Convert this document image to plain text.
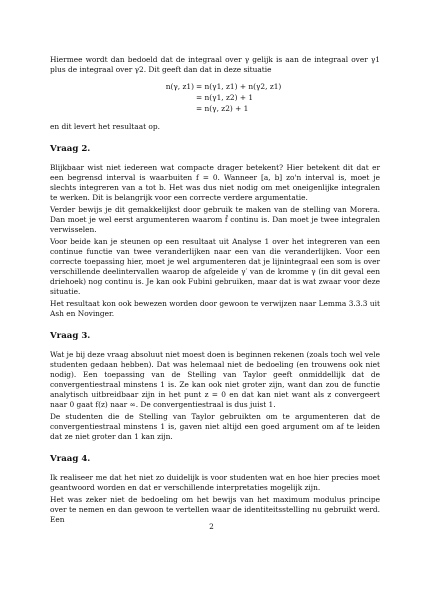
Hiermee wordt dan bedoeld dat de integraal over γ gelijk is aan de integraal over γ1 plus de integraal over γ2. Dit geeft dan dat in deze situatie

n(γ, z1) = n(γ1, z1) + n(γ2, z1)
= n(γ1, z2) + 1
= n(γ, z2) + 1

en dit levert het resultaat op.

Vraag 2.

Blijkbaar wist niet iedereen wat compacte drager betekent? Hier betekent dit dat er een begrensd interval is waarbuiten f = 0. Wanneer [a, b] zo'n interval is, moet je slechts integreren van a tot b. Het was dus niet nodig om met oneigenlijke integralen te werken. Dit is belangrijk voor een correcte verdere argumentatie.

Verder bewijs je dit gemakkelijkst door gebruik te maken van de stelling van Morera. Dan moet je wel eerst argumenteren waarom f̂ continu is. Dan moet je twee integralen verwisselen.

Voor beide kan je steunen op een resultaat uit Analyse 1 over het integreren van een continue functie van twee veranderlijken naar een van die veranderlijken. Voor een correcte toepassing hier, moet je wel argumenteren dat je lijnintegraal een som is over verschillende deelintervallen waarop de afgeleide γ′ van de kromme γ (in dit geval een driehoek) nog continu is. Je kan ook Fubini gebruiken, maar dat is wat zwaar voor deze situatie.

Het resultaat kon ook bewezen worden door gewoon te verwijzen naar Lemma 3.3.3 uit Ash en Novinger.

Vraag 3.

Wat je bij deze vraag absoluut niet moest doen is beginnen rekenen (zoals toch wel vele studenten gedaan hebben). Dat was helemaal niet de bedoeling (en trouwens ook niet nodig). Een toepassing van de Stelling van Taylor geeft onmiddellijk dat de convergentiestraal minstens 1 is. Ze kan ook niet groter zijn, want dan zou de functie analytisch uitbreidbaar zijn in het punt z = 0 en dat kan niet want als z convergeert naar 0 gaat f(z) naar ∞. De convergentiestraal is dus juist 1.

De studenten die de Stelling van Taylor gebruikten om te argumenteren dat de convergentiestraal minstens 1 is, gaven niet altijd een goed argument om af te leiden dat ze niet groter dan 1 kan zijn.

Vraag 4.

Ik realiseer me dat het niet zo duidelijk is voor studenten wat en hoe hier precies moet geantwoord worden en dat er verschillende interpretaties mogelijk zijn.

Het was zeker niet de bedoeling om het bewijs van het maximum modulus principe over te nemen en dan gewoon te vertellen waar de identiteitsstelling nu gebruikt werd. Een

2
